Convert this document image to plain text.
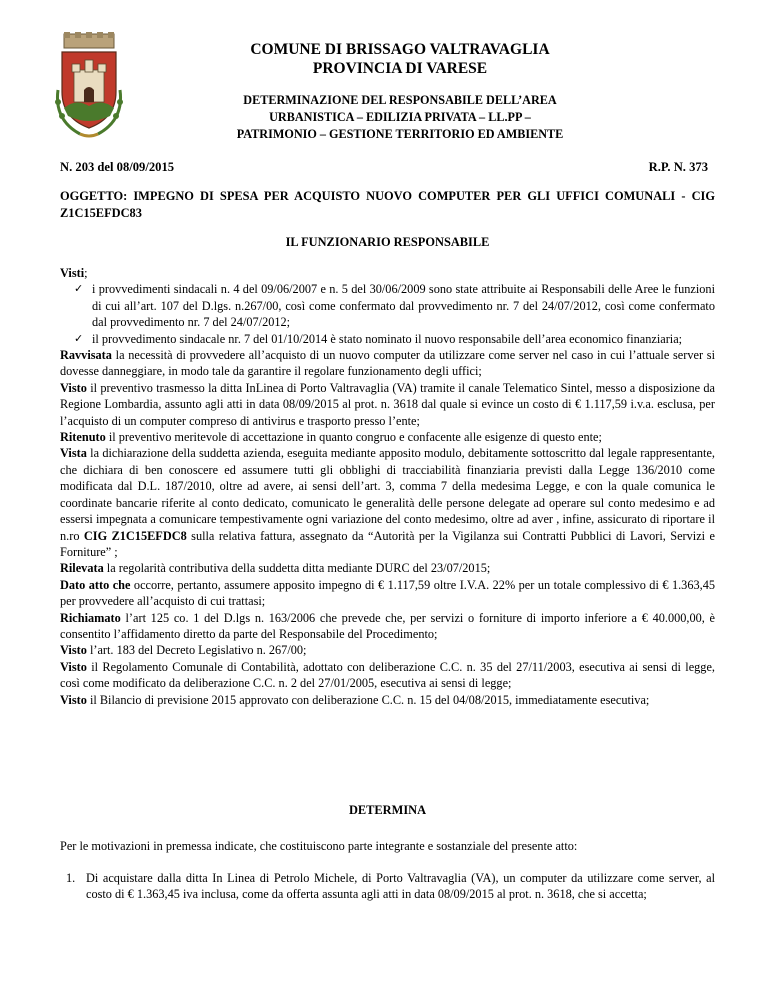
COMUNE DI BRISSAGO VALTRAVAGLIA
PROVINCIA DI VARESE
DETERMINAZIONE DEL RESPONSABILE DELL’AREA
URBANISTICA – EDILIZIA PRIVATA – LL.PP –
PATRIMONIO – GESTIONE TERRITORIO ED AMBIENTE
N. 203 del 08/09/2015	R.P. N. 373
OGGETTO: IMPEGNO DI SPESA PER ACQUISTO NUOVO COMPUTER PER GLI UFFICI COMUNALI - CIG Z1C15EFDC83
IL FUNZIONARIO RESPONSABILE

Visti;

✓ i provvedimenti sindacali n. 4 del 09/06/2007 e n. 5 del 30/06/2009 sono state attribuite ai Responsabili delle Aree le funzioni di cui all’art. 107 del D.lgs. n.267/00, così come confermato dal provvedimento nr. 7 del 24/07/2012, così come confermato dal provvedimento nr. 7 del 24/07/2012;
✓ il provvedimento sindacale nr. 7 del 01/10/2014 è stato nominato il nuovo responsabile dell’area economico finanziaria;

Ravvisata la necessità di provvedere all’acquisto di un nuovo computer da utilizzare come server nel caso in cui l’attuale server si dovesse danneggiare, in modo tale da garantire il regolare funzionamento degli uffici;

Visto il preventivo trasmesso la ditta InLinea di Porto Valtravaglia (VA) tramite il canale Telematico Sintel, messo a disposizione da Regione Lombardia, assunto agli atti in data 08/09/2015 al prot. n. 3618 dal quale si evince un costo di € 1.117,59 i.v.a. esclusa, per l’acquisto di un computer compreso di antivirus e trasporto presso l’ente;

Ritenuto il preventivo meritevole di accettazione in quanto congruo e confacente alle esigenze di questo ente;

Vista la dichiarazione della suddetta azienda, eseguita mediante apposito modulo, debitamente sottoscritto dal legale rappresentante, che dichiara di ben conoscere ed assumere tutti gli obblighi di tracciabilità finanziaria previsti dalla Legge 136/2010 come modificata dal D.L. 187/2010, oltre ad avere, ai sensi dell’art. 3, comma 7 della medesima Legge, e con la quale comunica le coordinate bancarie riferite al conto dedicato, comunicato le generalità delle persone delegate ad operare sul conto medesimo e ad essersi impegnata a comunicare tempestivamente ogni variazione del conto medesimo, oltre ad aver , infine, assicurato di riportare il n.ro CIG Z1C15EFDC8 sulla relativa fattura, assegnato da “Autorità per la Vigilanza sui Contratti Pubblici di Lavori, Servizi e Forniture” ;

Rilevata la regolarità contributiva della suddetta ditta mediante DURC del 23/07/2015;

Dato atto che occorre, pertanto, assumere apposito impegno di € 1.117,59 oltre I.V.A. 22% per un totale complessivo di € 1.363,45 per provvedere all’acquisto di cui trattasi;

Richiamato l’art 125 co. 1 del D.lgs n. 163/2006 che prevede che, per servizi o forniture di importo inferiore a € 40.000,00, è consentito l’affidamento diretto da parte del Responsabile del Procedimento;

Visto l’art. 183 del Decreto Legislativo n. 267/00;

Visto il Regolamento Comunale di Contabilità, adottato con deliberazione C.C. n. 35 del 27/11/2003, esecutiva ai sensi di legge, così come modificato da deliberazione C.C. n. 2 del 27/01/2005, esecutiva ai sensi di legge;

Visto il Bilancio di previsione 2015 approvato con deliberazione C.C. n. 15 del 04/08/2015, immediatamente esecutiva;

DETERMINA
Per le motivazioni in premessa indicate, che costituiscono parte integrante e sostanziale del presente atto:
1. Di acquistare dalla ditta In Linea di Petrolo Michele, di Porto Valtravaglia (VA), un computer da utilizzare come server, al costo di € 1.363,45 iva inclusa, come da offerta assunta agli atti in data 08/09/2015 al prot. n. 3618, che si accetta;
